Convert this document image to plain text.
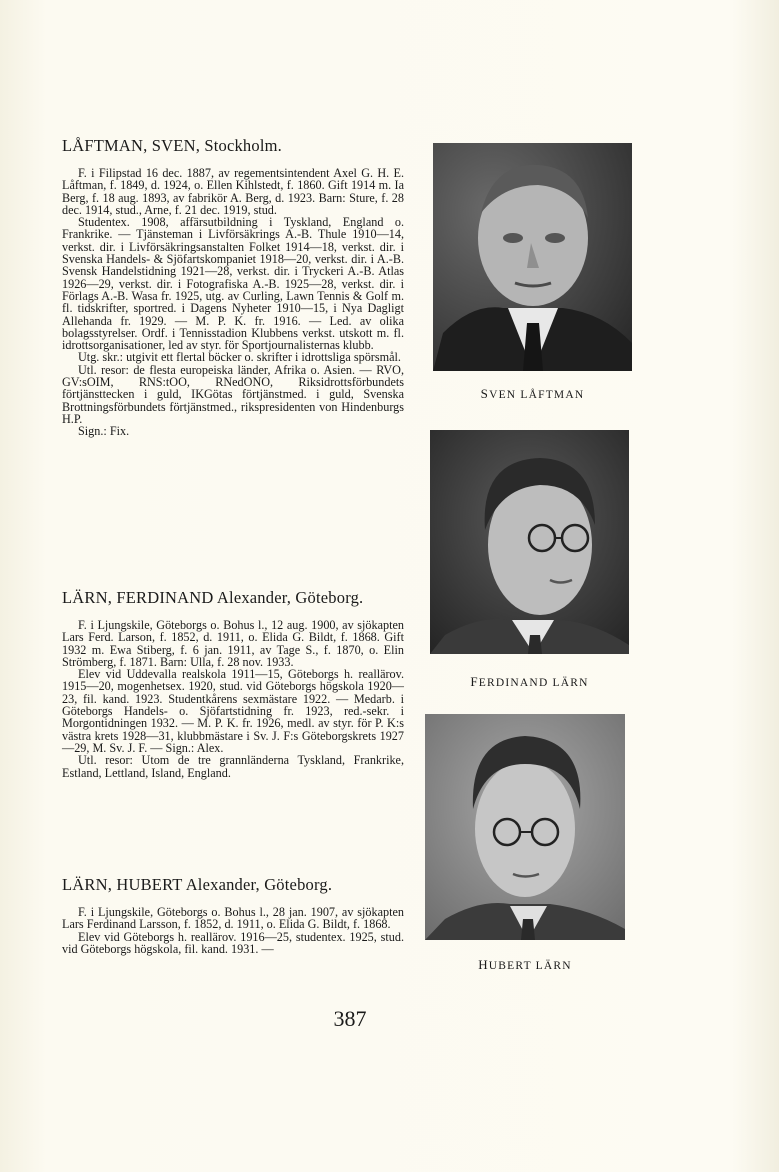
LÅFTMAN, SVEN, Stockholm.

F. i Filipstad 16 dec. 1887, av regementsintendent Axel G. H. E. Låftman, f. 1849, d. 1924, o. Ellen Kihlstedt, f. 1860. Gift 1914 m. Ia Berg, f. 18 aug. 1893, av fabrikör A. Berg, d. 1923. Barn: Sture, f. 28 dec. 1914, stud., Arne, f. 21 dec. 1919, stud.

Studentex. 1908, affärsutbildning i Tyskland, England o. Frankrike. — Tjänsteman i Livförsäkrings A.-B. Thule 1910—14, verkst. dir. i Livförsäkringsanstalten Folket 1914—18, verkst. dir. i Svenska Handels- & Sjöfartskompaniet 1918—20, verkst. dir. i A.-B. Svensk Handelstidning 1921—28, verkst. dir. i Tryckeri A.-B. Atlas 1926—29, verkst. dir. i Fotografiska A.-B. 1925—28, verkst. dir. i Förlags A.-B. Wasa fr. 1925, utg. av Curling, Lawn Tennis & Golf m. fl. tidskrifter, sportred. i Dagens Nyheter 1910—15, i Nya Dagligt Allehanda fr. 1929. — M. P. K. fr. 1916. — Led. av olika bolagsstyrelser. Ordf. i Tennisstadion Klubbens verkst. utskott m. fl. idrottsorganisationer, led av styr. för Sportjournalisternas klubb.

Utg. skr.: utgivit ett flertal böcker o. skrifter i idrottsliga spörsmål.

Utl. resor: de flesta europeiska länder, Afrika o. Asien. — RVO, GV:sOIM, RNS:tOO, RNedONO, Riksidrottsförbundets förtjänsttecken i guld, IKGötas förtjänstmed. i guld, Svenska Brottningsförbundets förtjänstmed., rikspresidenten von Hindenburgs H.P.

Sign.: Fix.

LÄRN, FERDINAND Alexander, Göteborg.

F. i Ljungskile, Göteborgs o. Bohus l., 12 aug. 1900, av sjökapten Lars Ferd. Larson, f. 1852, d. 1911, o. Elida G. Bildt, f. 1868. Gift 1932 m. Ewa Stiberg, f. 6 jan. 1911, av Tage S., f. 1870, o. Elin Strömberg, f. 1871. Barn: Ulla, f. 28 nov. 1933.

Elev vid Uddevalla realskola 1911—15, Göteborgs h. reallärov. 1915—20, mogenhetsex. 1920, stud. vid Göteborgs högskola 1920—23, fil. kand. 1923. Studentkårens sexmästare 1922. — Medarb. i Göteborgs Handels- o. Sjöfartstidning fr. 1923, red.-sekr. i Morgontidningen 1932. — M. P. K. fr. 1926, medl. av styr. för P. K:s västra krets 1928—31, klubbmästare i Sv. J. F:s Göteborgskrets 1927—29, M. Sv. J. F. — Sign.: Alex.

Utl. resor: Utom de tre grannländerna Tyskland, Frankrike, Estland, Lettland, Island, England.

LÄRN, HUBERT Alexander, Göteborg.

F. i Ljungskile, Göteborgs o. Bohus l., 28 jan. 1907, av sjökapten Lars Ferdinand Larsson, f. 1852, d. 1911, o. Elida G. Bildt, f. 1868.

Elev vid Göteborgs h. reallärov. 1916—25, studentex. 1925, stud. vid Göteborgs högskola, fil. kand. 1931. —

SVEN LÅFTMAN
FERDINAND LÄRN
HUBERT LÄRN
387
